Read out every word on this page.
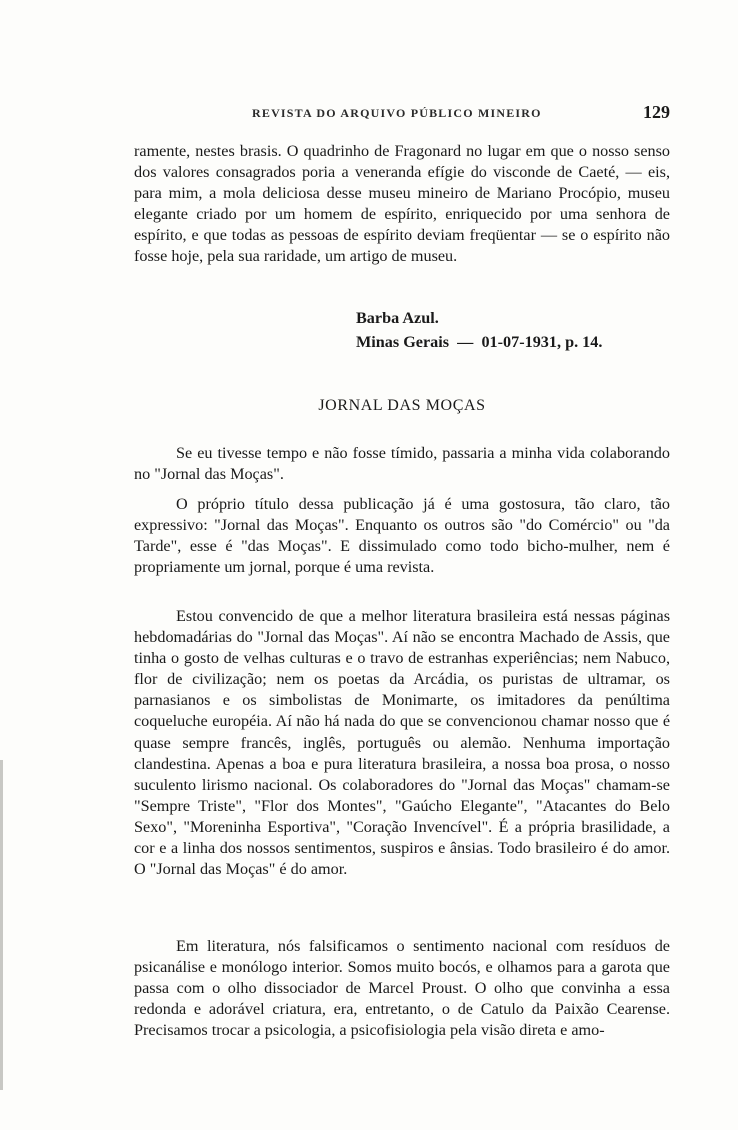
REVISTA DO ARQUIVO PÚBLICO MINEIRO	129

ramente, nestes brasis. O quadrinho de Fragonard no lugar em que o nosso senso dos valores consagrados poria a veneranda efígie do visconde de Caeté, — eis, para mim, a mola deliciosa desse museu mineiro de Mariano Procópio, museu elegante criado por um homem de espírito, enriquecido por uma senhora de espírito, e que todas as pessoas de espírito deviam freqüentar — se o espírito não fosse hoje, pela sua raridade, um artigo de museu.

Barba Azul.
Minas Gerais  —  01-07-1931, p. 14.
JORNAL DAS MOÇAS

Se eu tivesse tempo e não fosse tímido, passaria a minha vida colaborando no "Jornal das Moças".

O próprio título dessa publicação já é uma gostosura, tão claro, tão expressivo: "Jornal das Moças". Enquanto os outros são "do Comércio" ou "da Tarde", esse é "das Moças". E dissimulado como todo bicho-mulher, nem é propriamente um jornal, porque é uma revista.

Estou convencido de que a melhor literatura brasileira está nessas páginas hebdomadárias do "Jornal das Moças". Aí não se encontra Machado de Assis, que tinha o gosto de velhas culturas e o travo de estranhas experiências; nem Nabuco, flor de civilização; nem os poetas da Arcádia, os puristas de ultramar, os parnasianos e os simbolistas de Monimarte, os imitadores da penúltima coqueluche européia. Aí não há nada do que se convencionou chamar nosso que é quase sempre francês, inglês, português ou alemão. Nenhuma importação clandestina. Apenas a boa e pura literatura brasileira, a nossa boa prosa, o nosso suculento lirismo nacional. Os colaboradores do "Jornal das Moças" chamam-se "Sempre Triste", "Flor dos Montes", "Gaúcho Elegante", "Atacantes do Belo Sexo", "Moreninha Esportiva", "Coração Invencível". É a própria brasilidade, a cor e a linha dos nossos sentimentos, suspiros e ânsias. Todo brasileiro é do amor. O "Jornal das Moças" é do amor.

Em literatura, nós falsificamos o sentimento nacional com resíduos de psicanálise e monólogo interior. Somos muito bocós, e olhamos para a garota que passa com o olho dissociador de Marcel Proust. O olho que convinha a essa redonda e adorável criatura, era, entretanto, o de Catulo da Paixão Cearense. Precisamos trocar a psicologia, a psicofisiologia pela visão direta e amo-
